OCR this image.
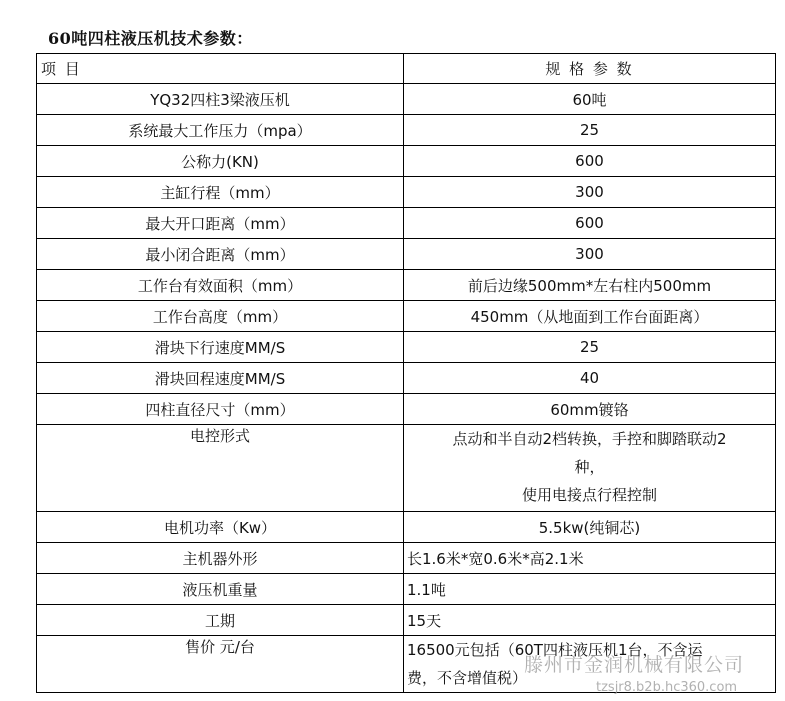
60吨四柱液压机技术参数：
项 目	规 格 参 数
YQ32四柱3梁液压机	60吨
系统最大工作压力（mpa）	25
公称力(KN)	600
主缸行程（mm）	300
最大开口距离（mm）	600
最小闭合距离（mm）	300
工作台有效面积（mm）	前后边缘500mm*左右柱内500mm
工作台高度（mm）	450mm（从地面到工作台面距离）
滑块下行速度MM/S	25
滑块回程速度MM/S	40
四柱直径尺寸（mm）	60mm镀铬
电控形式	点动和半自动2档转换，手控和脚踏联动2
种，
使用电接点行程控制

电机功率（Kw）	5.5kw(纯铜芯)
主机器外形	长1.6米*宽0.6米*高2.1米
液压机重量	1.1吨
工期	15天
售价 元/台	16500元包括（60T四柱液压机1台，不含运
费，不含增值税）
滕州市金润机械有限公司
tzsjr8.b2b.hc360.com
